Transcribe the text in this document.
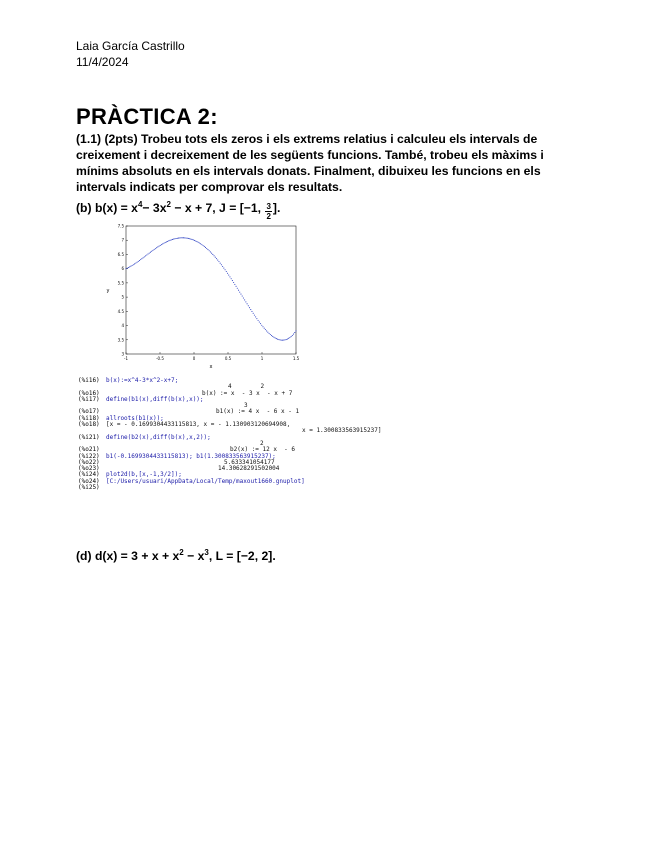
Laia García Castrillo
11/4/2024
PRÀCTICA 2:
(1.1) (2pts) Trobeu tots els zeros i els extrems relatius i calculeu els intervals de creixement i decreixement de les següents funcions. També, trobeu els màxims i mínims absoluts en els intervals donats. Finalment, dibuixeu les funcions en els intervals indicats per comprovar els resultats.
(b) $b(x) = x^4- 3x^2 - x + 7$, J = [−1, $\frac{3}{2}$ ].
-1	-0.5	0	0.5	1	1.5
3
3.5
4
4.5
5
5.5
6
6.5
7
7.5
x
y
(%i16) b(x):=x^4-3*x^2-x+7;
4        2
(%o16)	b(x) := x  - 3 x  - x + 7
(%i17) define(b1(x),diff(b(x),x));
3
(%o17)	b1(x) := 4 x  - 6 x - 1
(%i18) allroots(b1(x));
(%o18) [x = - 0.1699304433115813, x = - 1.130903120694908,
x = 1.300833563915237]
(%i21) define(b2(x),diff(b(x),x,2));
2
(%o21)	b2(x) := 12 x  - 6
(%i22) b1(-0.1699304433115813); b1(1.300833563915237);
(%o22)	5.633341054177
(%o23)	14.30628291502004
(%i24) plot2d(b,[x,-1,3/2]);
(%o24) [C:/Users/usuari/AppData/Local/Temp/maxout1660.gnuplot]
(%i25)
(d) $d(x) = 3 + x + x^2 - x^3$, L = [−2, 2].
